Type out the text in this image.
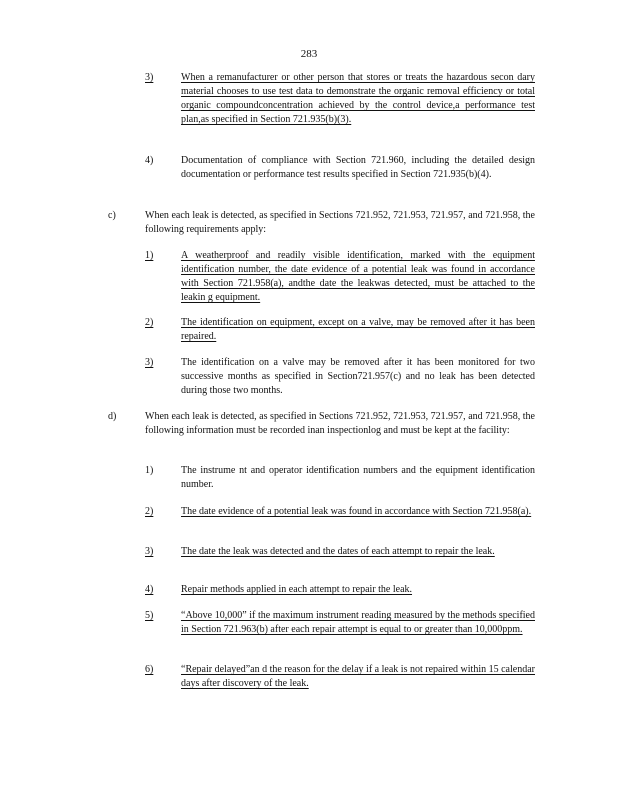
283
3)	When a remanufacturer or other person that stores or treats the hazardous secon dary material chooses to use test data to demonstrate the organic removal efficiency or total organic compoundconcentration achieved by the control device,a performance test plan,as specified in Section 721.935(b)(3).
4)	Documentation of compliance with Section 721.960, including the detailed design documentation or performance test results specified in Section 721.935(b)(4).
c)	When each leak is detected, as specified in Sections 721.952, 721.953, 721.957, and 721.958, the following requirements apply:
1)	A weatherproof and readily visible identification, marked with the equipment identification number, the date evidence of a potential leak was found in accordance with Section 721.958(a), andthe date the leakwas detected, must be attached to the leakin g equipment.
2)	The identification on equipment, except on a valve, may be removed after it has been repaired.
3)	The identification on a valve may be removed after it has been monitored for two successive months as specified in Section721.957(c) and no leak has been detected during those two months.
d)	When each leak is detected, as specified in Sections 721.952, 721.953, 721.957, and 721.958, the following information must be recorded inan inspectionlog and must be kept at the facility:
1)	The instrume nt and operator identification numbers and the equipment identification number.
2)	The date evidence of a potential leak was found in accordance with Section 721.958(a).
3)	The date the leak was detected and the dates of each attempt to repair the leak.
4)	Repair methods applied in each attempt to repair the leak.
5)	“Above 10,000” if the maximum instrument reading measured by the methods specified in Section 721.963(b) after each repair attempt is equal to or greater than 10,000ppm.
6)	“Repair delayed”an d the reason for the delay if a leak is not repaired within 15 calendar days after discovery of the leak.
